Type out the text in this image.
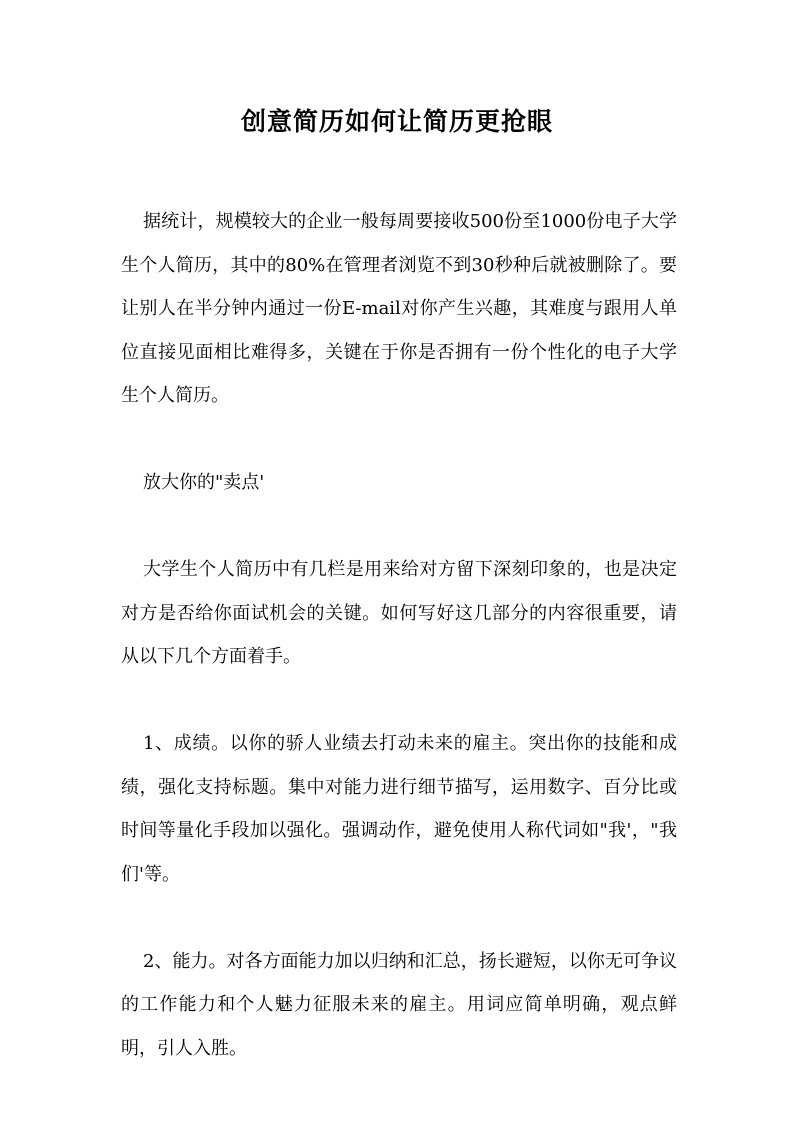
创意简历如何让简历更抢眼

据统计，规模较大的企业一般每周要接收500份至1000份电子大学生个人简历，其中的80%在管理者浏览不到30秒种后就被删除了。要让别人在半分钟内通过一份E-mail对你产生兴趣，其难度与跟用人单位直接见面相比难得多，关键在于你是否拥有一份个性化的电子大学生个人简历。

放大你的"卖点'

大学生个人简历中有几栏是用来给对方留下深刻印象的，也是决定对方是否给你面试机会的关键。如何写好这几部分的内容很重要，请从以下几个方面着手。

1、成绩。以你的骄人业绩去打动未来的雇主。突出你的技能和成绩，强化支持标题。集中对能力进行细节描写，运用数字、百分比或时间等量化手段加以强化。强调动作，避免使用人称代词如"我'，"我们'等。

2、能力。对各方面能力加以归纳和汇总，扬长避短，以你无可争议的工作能力和个人魅力征服未来的雇主。用词应简单明确，观点鲜明，引人入胜。
